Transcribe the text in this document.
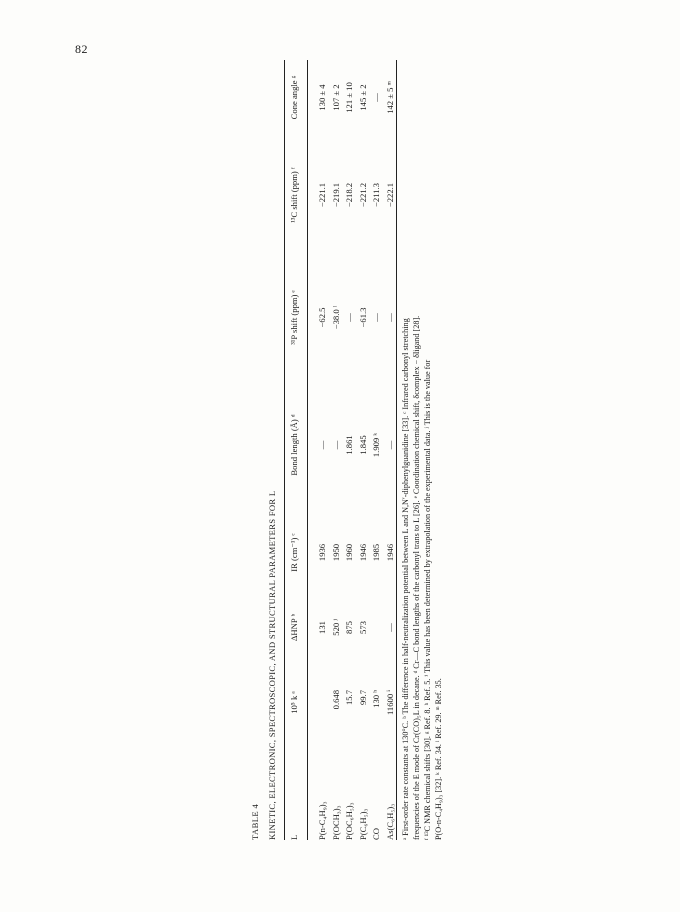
82
TABLE 4 KINETIC, ELECTRONIC, SPECTROSCOPIC, AND STRUCTURAL PARAMETERS FOR L L	10⁵ k ᵃ	ΔHNP ᵇ	IR (cm⁻¹) ᶜ	Bond length (Å) ᵈ	³¹P shift (ppm) ᵉ	¹³C shift (ppm) ᶠ	Cone angle ᵍ
P(n-C₄H₉)₃		131	1936	—	−62.5	−221.1	130 ± 4
P(OCH₃)₃	0.648	520 ʲ	1950	—	−38.0 ˡ	−219.1	107 ± 2
P(OC₆H₅)₃	15.7	875	1960	1.861	—	−218.2	121 ± 10
P(C₆H₅)₃	99.7	573	1946	1.845	−61.3	−221.2	145 ± 2
CO	130 ʰ		1985	1.909 ᵏ	—	−211.3	—
As(C₆H₅)₃	11600 ⁱ	—	1946	—	—	−222.1	142 ± 5 ᵐ

ᵃ First-order rate constants at 130°C. ᵇ The difference in half-neutralization potential between L and N,N′-diphenylguanidine [33]. ᶜ Infrared carbonyl stretching frequencies of the E mode of Cr(CO)₅L in decane. ᵈ Cr—C bond lengths of the carbonyl trans to L [26]. ᵉ Coordination chemical shift, δcomplex − δligand [28]. ᶠ ¹³C NMR chemical shifts [30]. ᵍ Ref. 8. ʰ Ref. 5. ⁱ This value has been determined by extrapolation of the experimental data. ʲ This is the value for P(O-n-C₄H₉)₃ [32]. ᵏ Ref. 34. ˡ Ref. 29. ᵐ Ref. 35.
